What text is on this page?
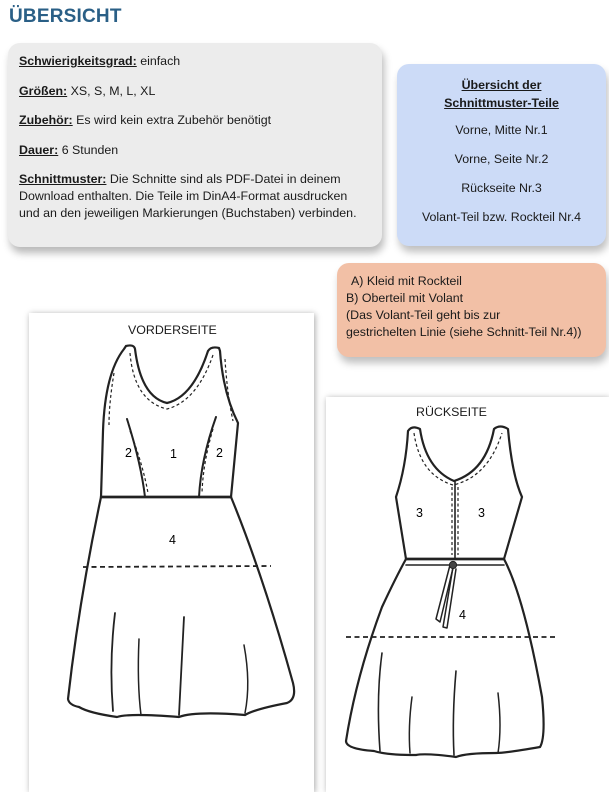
ÜBERSICHT
Schwierigkeitsgrad: einfach
Größen: XS, S, M, L, XL
Zubehör: Es wird kein extra Zubehör benötigt
Dauer: 6 Stunden
Schnittmuster: Die Schnitte sind als PDF-Datei in deinem
Download enthalten. Die Teile im DinA4-Format ausdrucken
und an den jeweiligen Markierungen (Buchstaben) verbinden.
Übersicht der
Schnittmuster-Teile
Vorne, Mitte Nr.1
Vorne, Seite Nr.2
Rückseite Nr.3
Volant-Teil bzw. Rockteil Nr.4
A) Kleid mit Rockteil
B) Oberteil mit Volant
(Das Volant-Teil geht bis zur
gestrichelten Linie (siehe Schnitt-Teil Nr.4))
VORDERSEITE
2	1	2
4
RÜCKSEITE
3	3
4
